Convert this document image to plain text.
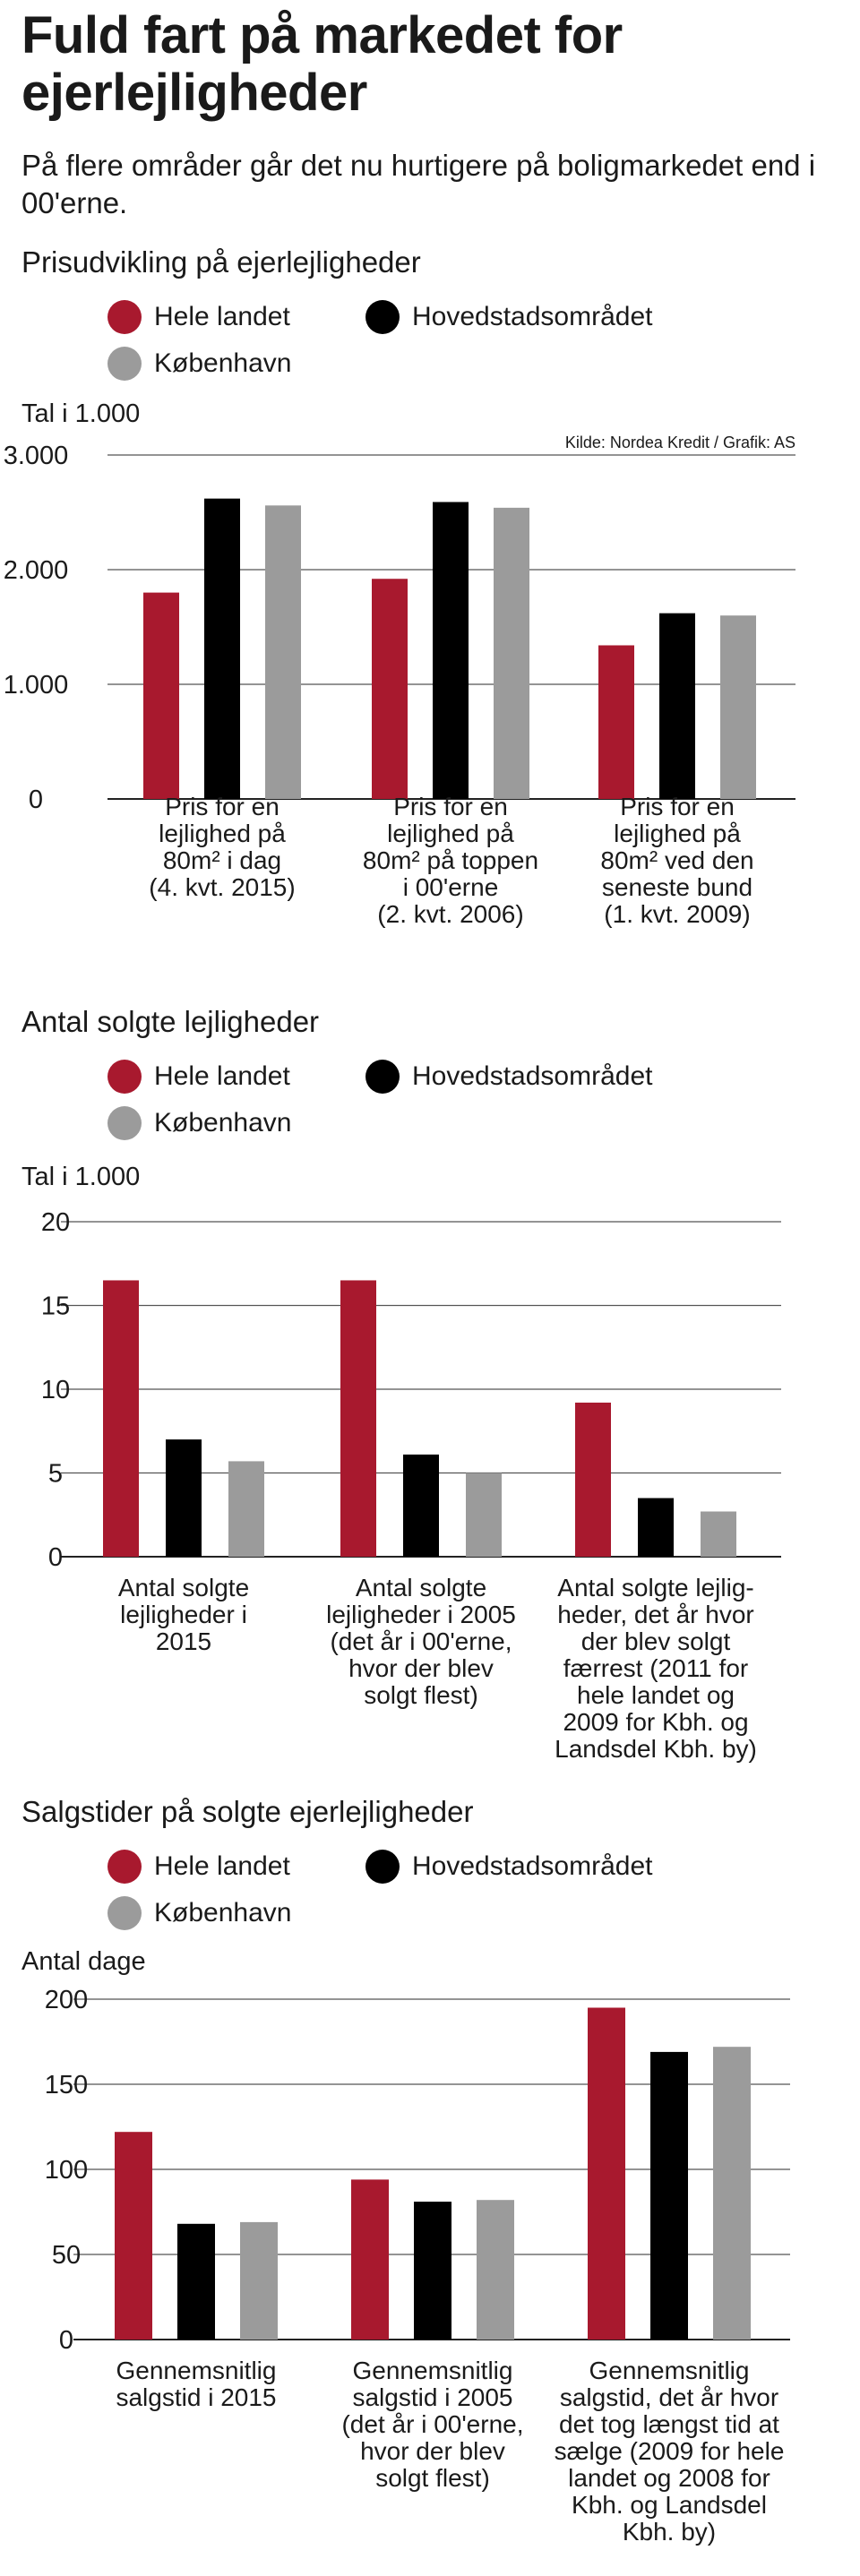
Fuld fart på markedet for ejerlejligheder

På flere områder går det nu hurtigere på boligmarkedet end i 00'erne.

Prisudvikling på ejerlejligheder
Hele landet	Hovedstadsområdet
København
Tal i 1.000
Kilde: Nordea Kredit / Grafik: AS
0
1.000
2.000
3.000
Pris for en
lejlighed på
80m² i dag
(4. kvt. 2015)
Pris for en
lejlighed på
80m² på toppen
i 00'erne
(2. kvt. 2006)
Pris for en
lejlighed på
80m² ved den
seneste bund
(1. kvt. 2009)
Antal solgte lejligheder
Hele landet	Hovedstadsområdet
København
Tal i 1.000
0
5
10
15
20
Antal solgte
lejligheder i
2015
Antal solgte
lejligheder i 2005
(det år i 00'erne,
hvor der blev
solgt flest)
Antal solgte lejlig-
heder, det år hvor
der blev solgt
færrest (2011 for
hele landet og
2009 for Kbh. og
Landsdel Kbh. by)
Salgstider på solgte ejerlejligheder
Hele landet	Hovedstadsområdet
København
Antal dage
0
50
100
150
200
Gennemsnitlig
salgstid i 2015
Gennemsnitlig
salgstid i 2005
(det år i 00'erne,
hvor der blev
solgt flest)
Gennemsnitlig
salgstid, det år hvor
det tog længst tid at
sælge (2009 for hele
landet og 2008 for
Kbh. og Landsdel
Kbh. by)
